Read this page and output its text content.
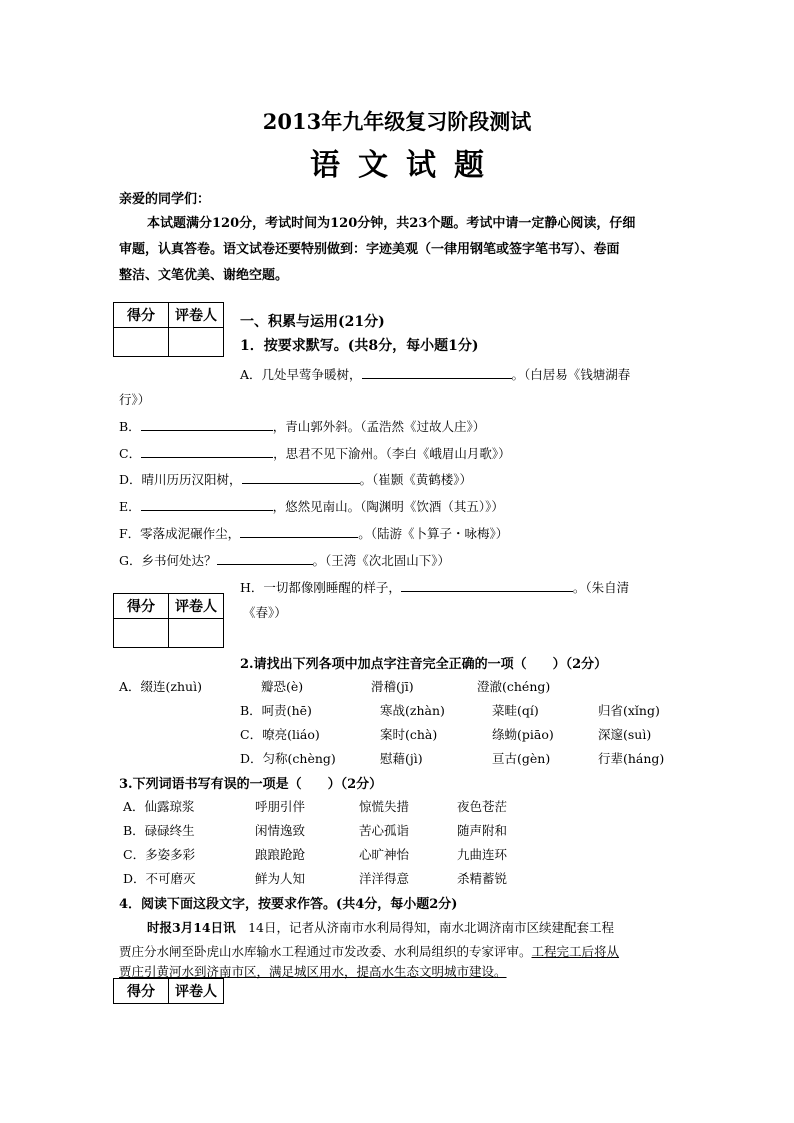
2013年九年级复习阶段测试
语文试题
亲爱的同学们：
本试题满分120分，考试时间为120分钟，共23个题。考试中请一定静心阅读，仔细
审题，认真答卷。语文试卷还要特别做到：字迹美观（一律用钢笔或签字笔书写）、卷面
整洁、文笔优美、谢绝空题。
得分	评卷人
	一、积累与运用(21分)
1．按要求默写。(共8分，每小题1分)
A．几处早莺争暖树，	。（白居易《钱塘湖春
行》）
B．	，青山郭外斜。（孟浩然《过故人庄》）
C．	，思君不见下渝州。（李白《峨眉山月歌》）
D．晴川历历汉阳树，	。（崔颢《黄鹤楼》）
E．	，悠然见南山。（陶渊明《饮酒（其五）》）
F．零落成泥碾作尘，	。（陆游《卜算子・咏梅》）
G．乡书何处达？	。（王湾《次北固山下》）
H．一切都像刚睡醒的样子，	。（朱自清
得分	评卷人
	《春》）
2.请找出下列各项中加点字注音完全正确的一项（　　）（2分）
A．缀连(zhuì)	瓣恐(è)	滑稽(jī)	澄澈(chéng)
B．呵责(hē)	寒战(zhàn)	菜畦(qí)	归省(xǐng)
C．嘹亮(liáo)	案时(chà)	绦蚴(piāo)	深邃(suì)
D．匀称(chèng)	慰藉(jì)	亘古(gèn)	行辈(háng)
3.下列词语书写有误的一项是（　　）（2分）
A．仙露琼浆	呼朋引伴	惊慌失措	夜色苍茫
B．碌碌终生	闲情逸致	苦心孤诣	随声附和
C．多姿多彩	踉踉跄跄	心旷神怡	九曲连环
D．不可磨灭	鲜为人知	洋洋得意	杀精蓄锐
4．阅读下面这段文字，按要求作答。(共4分，每小题2分)
时报3月14日讯　14日，记者从济南市水利局得知，南水北调济南市区续建配套工程
贾庄分水闸至卧虎山水库输水工程通过市发改委、水利局组织的专家评审。工程完工后将从
贾庄引黄河水到济南市区，满足城区用水，提高水生态文明城市建设。
得分	评卷人
